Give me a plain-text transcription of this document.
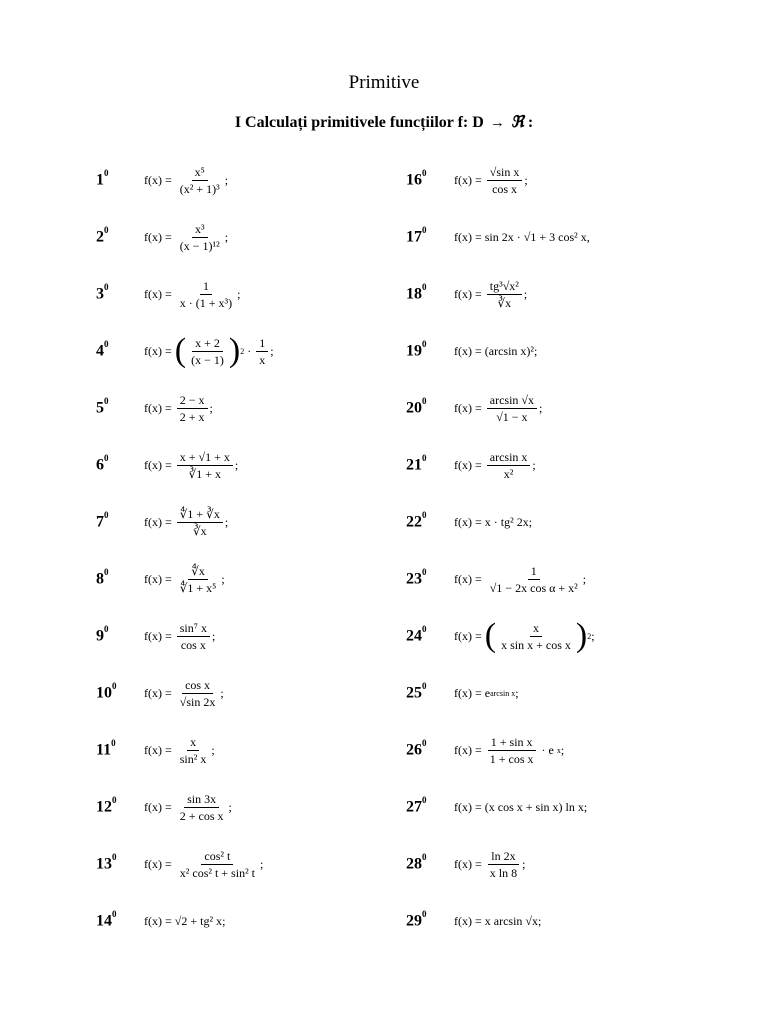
Primitive
I Calculați primitivele funcțiilor f: D → ℜ :
$1^0$	$f(x) = \frac{\text{x⁵}}{\text{(x² + 1)³}}$ ;
$2^0$	$f(x) = \frac{\text{x³}}{\text{(x − 1)¹²}}$ ;
$3^0$	$f(x) = \frac{1}{\text{x · (1 + x³)}}$ ;
$4^0$	f(x) = ( $\frac{x + 2}{(x - 1)}$ ) $2 \cdot \frac{1}{x}$ ;
$5^0$	$f(x) = \frac{2 - x}{2 + x}$ ;
$6^0$	$f(x) = \frac{x + √1 + x}{∛1 + x}$ ;
$7^0$	$f(x) = \frac{∜1 + ∛x}{∛x}$ ;
$8^0$	$f(x) = \frac{∜x}{\text{∜1 + x⁵}}$ ;
$9^0$	$f(x) = \frac{\text{sin⁷ x}}{\text{cos x}}$ ;
$10^0$	$f(x) = \frac{\text{cos x}}{√\sin 2x}$ ;
$11^0$	$f(x) = \frac{x}{\text{sin² x}}$ ;
$12^0$	$f(x) = \frac{\sin 3x}{\text{2 + cos x}}$ ;
$13^0$	$f(x) = \frac{\text{cos² t}}{\text{x² cos² t + sin² t}}$ ;
$14^0$	f(x) = √2 + tg² x ;
$16^0$	$f(x) = \frac{\text{√sin x}}{\text{cos x}}$ ;
$17^0$	f(x) = sin 2x · √1 + 3 cos² x ,
$18^0$	$f(x) = \frac{\text{tg³√x²}}{∛x}$ ;
$19^0$	f(x) = (arcsin x)² ;
$20^0$	$f(x) = \frac{\arcsin √x}{√1 - x}$ ;
$21^0$	$f(x) = \frac{\text{arcsin x}}{\text{x²}}$ ;
$22^0$	f(x) = x · tg² 2x ;
$23^0$	$f(x) = \frac{1}{\text{√1 − 2x cos α + x²}}$ ;
$24^0$	f(x) = ( $\frac{x}{\text{x sin x + cos x}}$ ) 2 ;
$25^0$	f(x) = e arcsin x ;
$26^0$	$f(x) = \frac{\text{1 + sin x}}{\text{1 + cos x}} \cdot e$ x ;
$27^0$	f(x) = (x cos x + sin x) ln x ;
$28^0$	$f(x) = \frac{\ln 2x}{\text{x ln 8}}$ ;
$29^0$	f(x) = x arcsin √x ;
